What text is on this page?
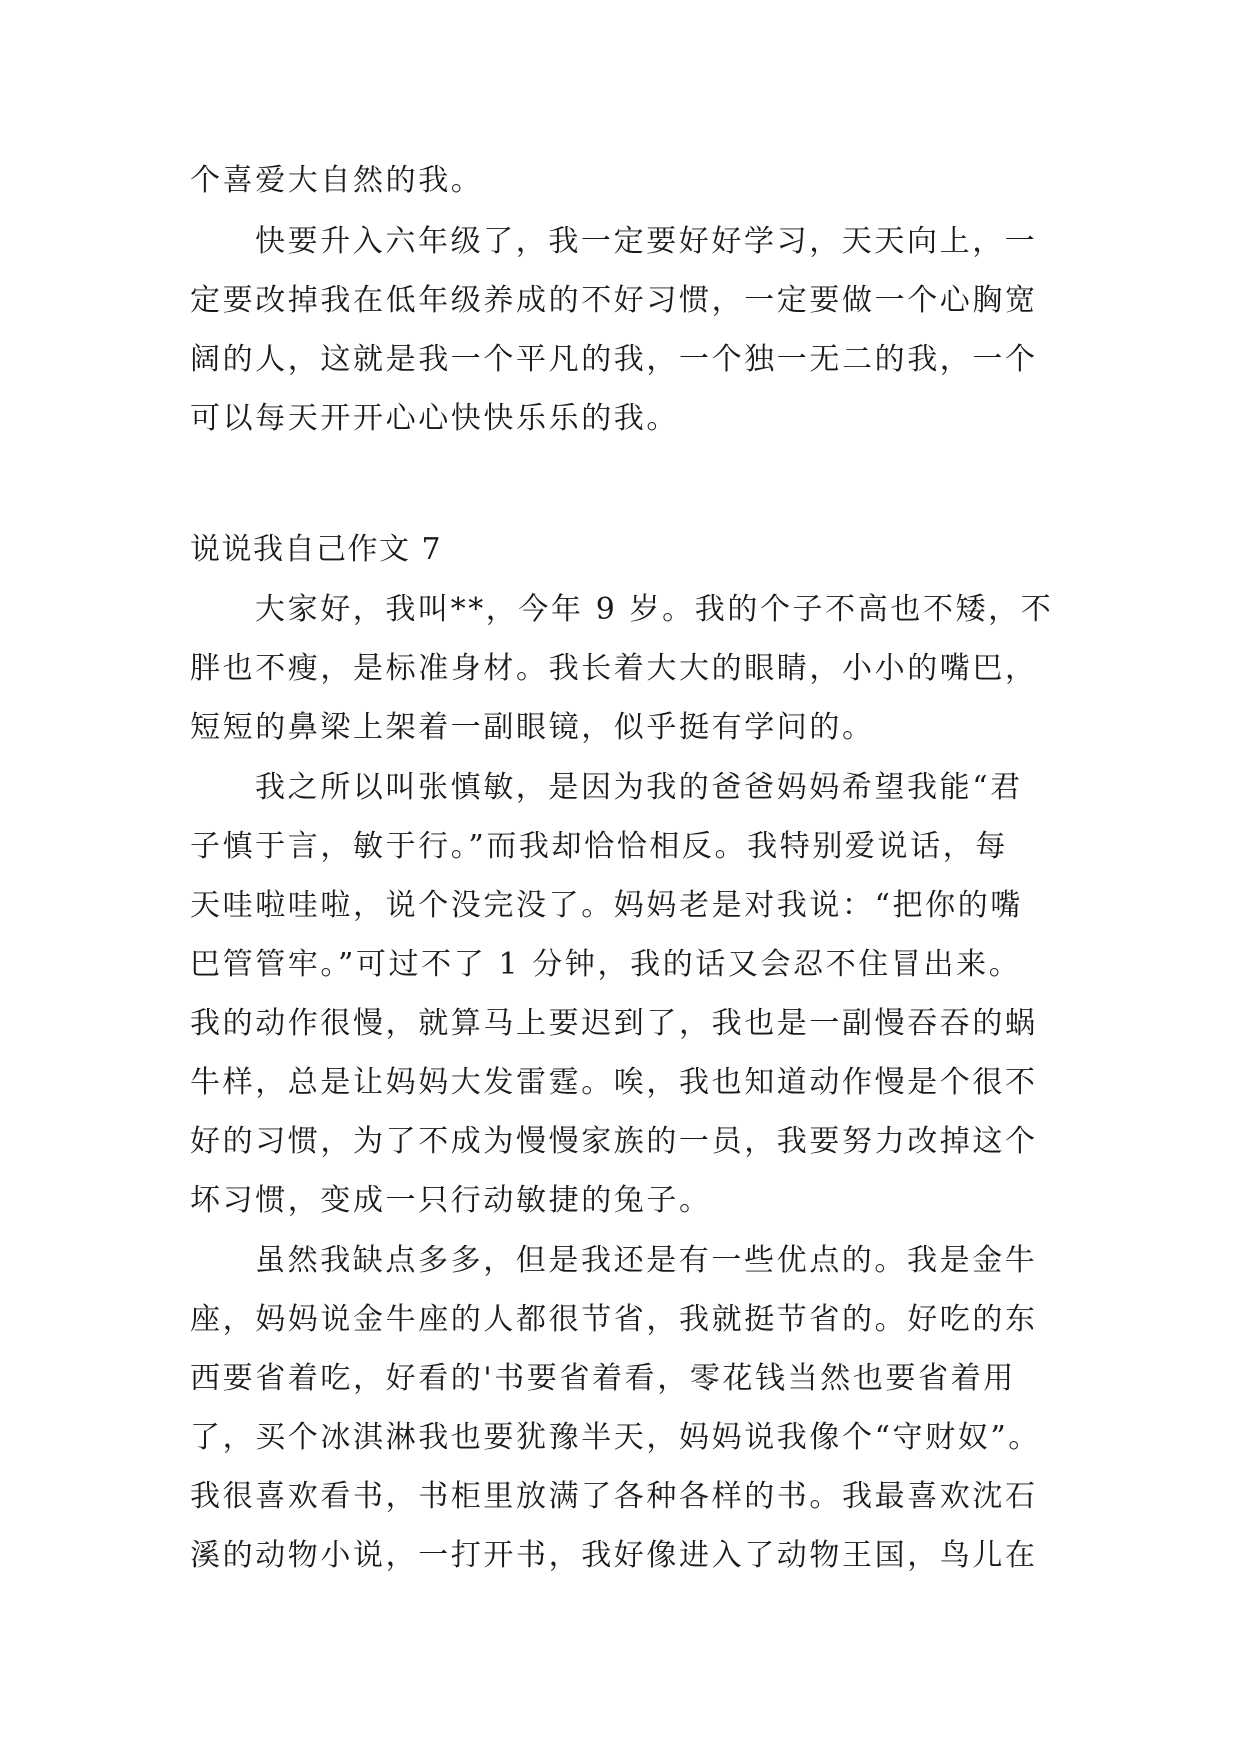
个喜爱大自然的我。
快要升入六年级了，我一定要好好学习，天天向上，一
定要改掉我在低年级养成的不好习惯，一定要做一个心胸宽
阔的人，这就是我一个平凡的我，一个独一无二的我，一个
可以每天开开心心快快乐乐的我。
说说我自己作文 7
大家好，我叫**，今年 9 岁。我的个子不高也不矮，不
胖也不瘦，是标准身材。我长着大大的眼睛，小小的嘴巴，
短短的鼻梁上架着一副眼镜，似乎挺有学问的。
我之所以叫张慎敏，是因为我的爸爸妈妈希望我能“君
子慎于言，敏于行。”而我却恰恰相反。我特别爱说话，每
天哇啦哇啦，说个没完没了。妈妈老是对我说：“把你的嘴
巴管管牢。”可过不了 1 分钟，我的话又会忍不住冒出来。
我的动作很慢，就算马上要迟到了，我也是一副慢吞吞的蜗
牛样，总是让妈妈大发雷霆。唉，我也知道动作慢是个很不
好的习惯，为了不成为慢慢家族的一员，我要努力改掉这个
坏习惯，变成一只行动敏捷的兔子。
虽然我缺点多多，但是我还是有一些优点的。我是金牛
座，妈妈说金牛座的人都很节省，我就挺节省的。好吃的东
西要省着吃，好看的'书要省着看，零花钱当然也要省着用
了，买个冰淇淋我也要犹豫半天，妈妈说我像个“守财奴”。
我很喜欢看书，书柜里放满了各种各样的书。我最喜欢沈石
溪的动物小说，一打开书，我好像进入了动物王国，鸟儿在
